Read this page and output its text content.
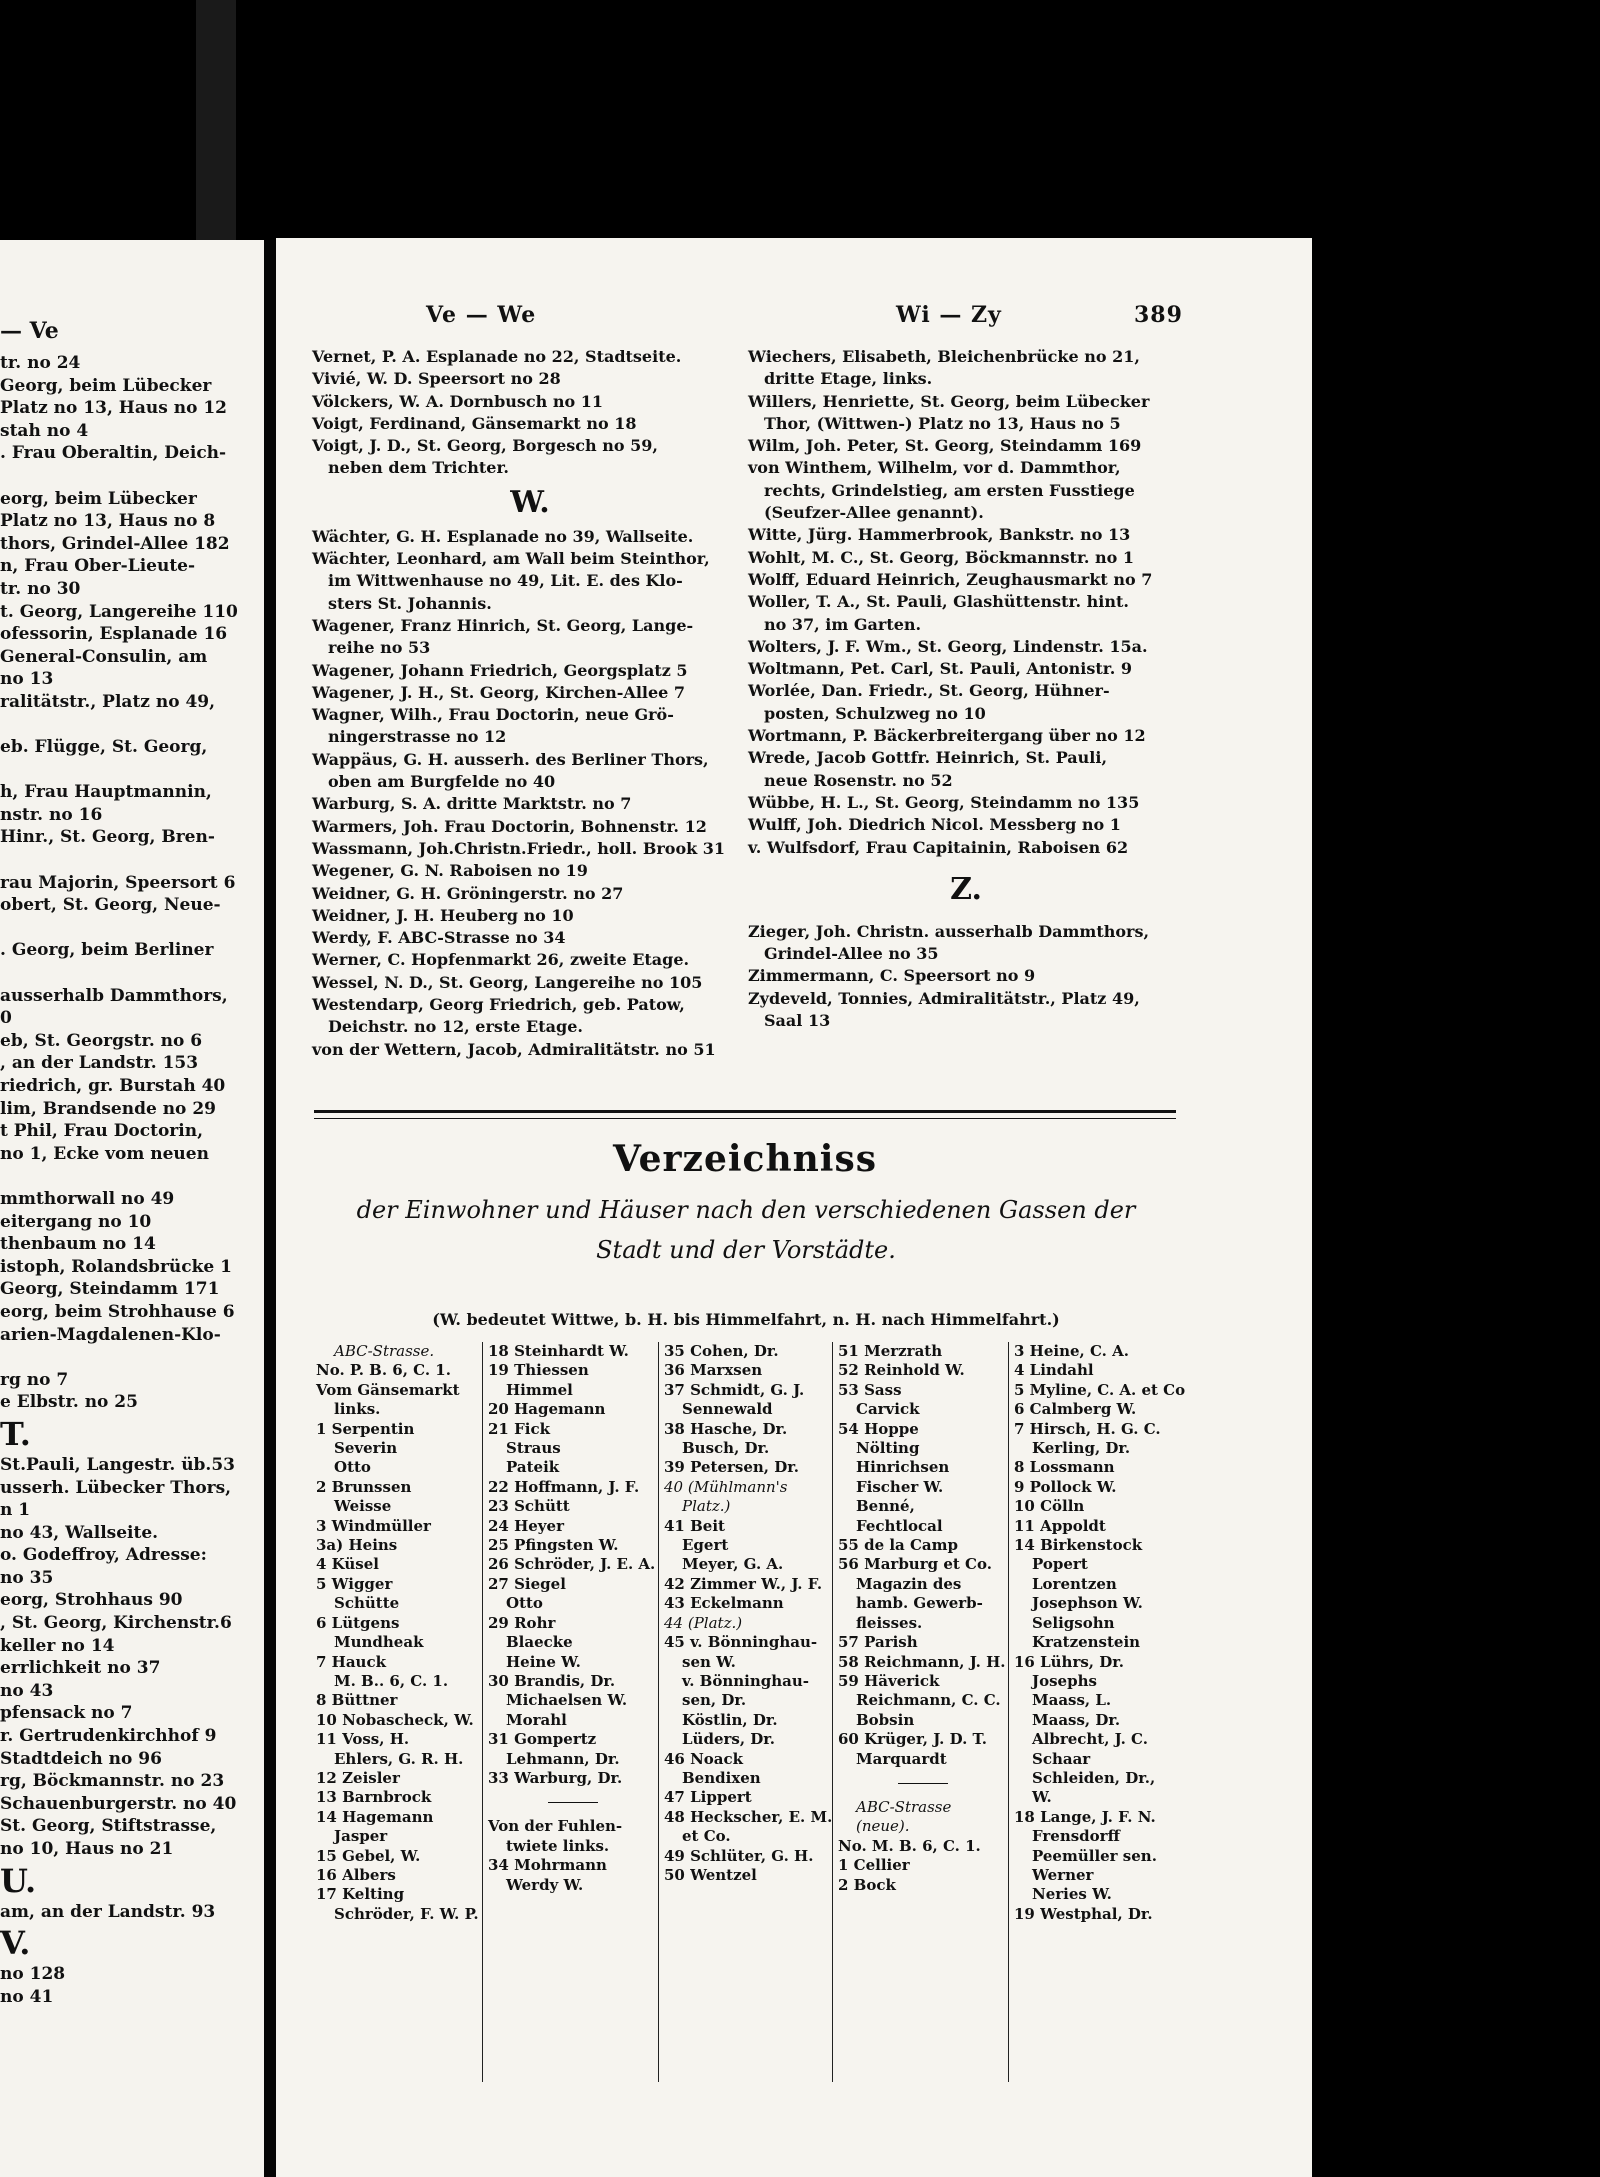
— Ve
tr. no 24
Georg, beim Lübecker
Platz no 13, Haus no 12
stah no 4
. Frau Oberaltin, Deich-

eorg, beim Lübecker
Platz no 13, Haus no 8
thors, Grindel-Allee 182
n, Frau Ober-Lieute-
tr. no 30
t. Georg, Langereihe 110
ofessorin, Esplanade 16
General-Consulin, am
no 13
ralitätstr., Platz no 49,

eb. Flügge, St. Georg,

h, Frau Hauptmannin,
nstr. no 16
Hinr., St. Georg, Bren-

rau Majorin, Speersort 6
obert, St. Georg, Neue-

. Georg, beim Berliner

ausserhalb Dammthors,
0
eb, St. Georgstr. no 6
, an der Landstr. 153
riedrich, gr. Burstah 40
lim, Brandsende no 29
t Phil, Frau Doctorin,
no 1, Ecke vom neuen

mmthorwall no 49
eitergang no 10
thenbaum no 14
istoph, Rolandsbrücke 1
Georg, Steindamm 171
eorg, beim Strohhause 6
arien-Magdalenen-Klo-

rg no 7
e Elbstr. no 25
T.
St.Pauli, Langestr. üb.53
usserh. Lübecker Thors,
n 1
no 43, Wallseite.
o. Godeffroy, Adresse:
no 35
eorg, Strohhaus 90
, St. Georg, Kirchenstr.6
keller no 14
errlichkeit no 37
no 43
pfensack no 7
r. Gertrudenkirchhof 9
Stadtdeich no 96
rg, Böckmannstr. no 23
Schauenburgerstr. no 40
St. Georg, Stiftstrasse,
no 10, Haus no 21
U.
am, an der Landstr. 93
V.
no 128
no 41
Ve — We	Wi — Zy	389
Vernet, P. A. Esplanade no 22, Stadtseite.
Vivié, W. D. Speersort no 28
Völckers, W. A. Dornbusch no 11
Voigt, Ferdinand, Gänsemarkt no 18
Voigt, J. D., St. Georg, Borgesch no 59,
neben dem Trichter.
W.
Wächter, G. H. Esplanade no 39, Wallseite.
Wächter, Leonhard, am Wall beim Steinthor,
im Wittwenhause no 49, Lit. E. des Klo-
sters St. Johannis.
Wagener, Franz Hinrich, St. Georg, Lange-
reihe no 53
Wagener, Johann Friedrich, Georgsplatz 5
Wagener, J. H., St. Georg, Kirchen-Allee 7
Wagner, Wilh., Frau Doctorin, neue Grö-
ningerstrasse no 12
Wappäus, G. H. ausserh. des Berliner Thors,
oben am Burgfelde no 40
Warburg, S. A. dritte Marktstr. no 7
Warmers, Joh. Frau Doctorin, Bohnenstr. 12
Wassmann, Joh.Christn.Friedr., holl. Brook 31
Wegener, G. N. Raboisen no 19
Weidner, G. H. Gröningerstr. no 27
Weidner, J. H. Heuberg no 10
Werdy, F. ABC-Strasse no 34
Werner, C. Hopfenmarkt 26, zweite Etage.
Wessel, N. D., St. Georg, Langereihe no 105
Westendarp, Georg Friedrich, geb. Patow,
Deichstr. no 12, erste Etage.
von der Wettern, Jacob, Admiralitätstr. no 51
Wiechers, Elisabeth, Bleichenbrücke no 21,
dritte Etage, links.
Willers, Henriette, St. Georg, beim Lübecker
Thor, (Wittwen-) Platz no 13, Haus no 5
Wilm, Joh. Peter, St. Georg, Steindamm 169
von Winthem, Wilhelm, vor d. Dammthor,
rechts, Grindelstieg, am ersten Fusstiege
(Seufzer-Allee genannt).
Witte, Jürg. Hammerbrook, Bankstr. no 13
Wohlt, M. C., St. Georg, Böckmannstr. no 1
Wolff, Eduard Heinrich, Zeughausmarkt no 7
Woller, T. A., St. Pauli, Glashüttenstr. hint.
no 37, im Garten.
Wolters, J. F. Wm., St. Georg, Lindenstr. 15a.
Woltmann, Pet. Carl, St. Pauli, Antonistr. 9
Worlée, Dan. Friedr., St. Georg, Hühner-
posten, Schulzweg no 10
Wortmann, P. Bäckerbreitergang über no 12
Wrede, Jacob Gottfr. Heinrich, St. Pauli,
neue Rosenstr. no 52
Wübbe, H. L., St. Georg, Steindamm no 135
Wulff, Joh. Diedrich Nicol. Messberg no 1
v. Wulfsdorf, Frau Capitainin, Raboisen 62
Z.
Zieger, Joh. Christn. ausserhalb Dammthors,
Grindel-Allee no 35
Zimmermann, C. Speersort no 9
Zydeveld, Tonnies, Admiralitätstr., Platz 49,
Saal 13
Verzeichniss
der Einwohner und Häuser nach den verschiedenen Gassen der
Stadt und der Vorstädte.
(W. bedeutet Wittwe, b. H. bis Himmelfahrt, n. H. nach Himmelfahrt.)
ABC-Strasse.
No. P. B. 6, C. 1.
Vom Gänsemarkt
links.
1 Serpentin
Severin
Otto
2 Brunssen
Weisse
3 Windmüller
3a) Heins
4 Küsel
5 Wigger
Schütte
6 Lütgens
Mundheak
7 Hauck
M. B.. 6, C. 1.
8 Büttner
10 Nobascheck, W.
11 Voss, H.
Ehlers, G. R. H.
12 Zeisler
13 Barnbrock
14 Hagemann
Jasper
15 Gebel, W.
16 Albers
17 Kelting
Schröder, F. W. P.
18 Steinhardt W.
19 Thiessen
Himmel
20 Hagemann
21 Fick
Straus
Pateik
22 Hoffmann, J. F.
23 Schütt
24 Heyer
25 Pfingsten W.
26 Schröder, J. E. A.
27 Siegel
Otto
29 Rohr
Blaecke
Heine W.
30 Brandis, Dr.
Michaelsen W.
Morahl
31 Gompertz
Lehmann, Dr.
33 Warburg, Dr.
Von der Fuhlen-
twiete links.
34 Mohrmann
Werdy W.
35 Cohen, Dr.
36 Marxsen
37 Schmidt, G. J.
Sennewald
38 Hasche, Dr.
Busch, Dr.
39 Petersen, Dr.
40 (Mühlmann's
Platz.)
41 Beit
Egert
Meyer, G. A.
42 Zimmer W., J. F.
43 Eckelmann
44 (Platz.)
45 v. Bönninghau-
sen W.
v. Bönninghau-
sen, Dr.
Köstlin, Dr.
Lüders, Dr.
46 Noack
Bendixen
47 Lippert
48 Heckscher, E. M.
et Co.
49 Schlüter, G. H.
50 Wentzel
51 Merzrath
52 Reinhold W.
53 Sass
Carvick
54 Hoppe
Nölting
Hinrichsen
Fischer W.
Benné,
Fechtlocal
55 de la Camp
56 Marburg et Co.
Magazin des
hamb. Gewerb-
fleisses.
57 Parish
58 Reichmann, J. H.
59 Häverick
Reichmann, C. C.
Bobsin
60 Krüger, J. D. T.
Marquardt
ABC-Strasse
(neue).
No. M. B. 6, C. 1.
1 Cellier
2 Bock
3 Heine, C. A.
4 Lindahl
5 Myline, C. A. et Co
6 Calmberg W.
7 Hirsch, H. G. C.
Kerling, Dr.
8 Lossmann
9 Pollock W.
10 Cölln
11 Appoldt
14 Birkenstock
Popert
Lorentzen
Josephson W.
Seligsohn
Kratzenstein
16 Lührs, Dr.
Josephs
Maass, L.
Maass, Dr.
Albrecht, J. C.
Schaar
Schleiden, Dr.,
W.
18 Lange, J. F. N.
Frensdorff
Peemüller sen.
Werner
Neries W.
19 Westphal, Dr.
